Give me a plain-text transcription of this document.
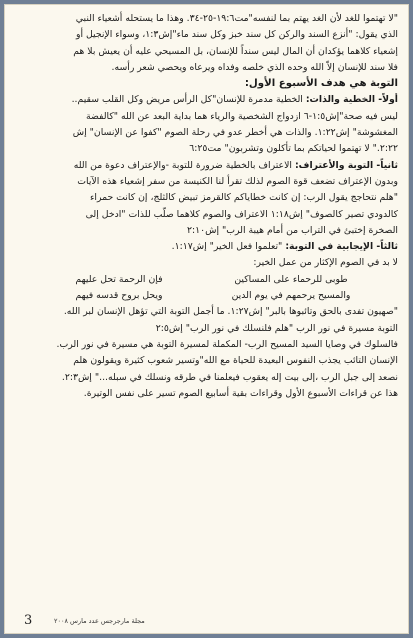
"لا تهتموا للغد لأن الغد يهتم بما لنفسه"مت١٩:٦-٢٥-٣٤. وهذا ما يستحله أشعياء النبي

الذي يقول: "أنزع السند والركن كل سند خبز وكل سند ماء"إش١:٣، وسواء الإنجيل أو

إشعياء كلاهما يؤكدان أن المال ليس سنداً للإنسان، بل المسيحي عليه أن يعيش بلا هم

فلا سند للإنسان إلاّ الله وحده الذي خلصه وفداه ويرعاه ويحصي شعر رأسه.

التوبة هي هدف الأسبوع الأول:

أولاً- الخطية والذات: الخطية مدمرة للإنسان"كل الرأس مريض وكل القلب سقيم..

ليس فيه صحة"إش١:٥-٦ ازدواج الشخصية والرياء هما بداية البعد عن الله "كالفضة

المغشوشة" إش١:٢٢. والذات هي أخطر عدو في رحلة الصوم "كفوا عن الإنسان" إش

٢:٢٢." لا تهتموا لحياتكم بما تأكلون وتشربون" مت٦:٢٥

ثانياً- التوبة والأعتراف: الاعتراف بالخطية ضرورة للتوبة -والإعتراف دعوة من الله

وبدون الإعتراف تضعف قوة الصوم لذلك تقرأ لنا الكنيسة من سفر إشعياء هذه الآيات

"هلم نتحاجج يقول الرب: إن كانت خطاياكم كالقرمز تبيض كالثلج، إن كانت حمراء

كالدودي تصير كالصوف" إش١:١٨ الاعتراف والصوم كلاهما صلّب للذات "ادخل إلى

الصخرة إختبئ في التراب من أمام هيبة الرب" إش٢:١٠

ثالثاً- الإيجابية في التوبة: "تعلموا فعل الخير" إش١:١٧.

لا بد في الصوم الإكثار من عمل الخير:

طوبى للرحماء على المساكين
فإن الرحمة تحل عليهم
والمسيح يرحمهم في يوم الدين
ويحل بروح قدسه فيهم

"صهيون تفدى بالحق وتائبوها بالبر" إش١:٢٧. ما أجمل التوبة التي تؤهل الإنسان لبر الله.

التوبة مسيرة في نور الرب "هلم فلنسلك في نور الرب" إش٢:٥

فالسلوك في وصايا السيد المسيح الرب- المكملة لمسيرة التوبة هي مسيرة في نور الرب.

الإنسان التائب يجذب النفوس البعيدة للحياة مع الله"وتسير شعوب كثيرة ويقولون هلم

نصعد إلى جبل الرب ،إلى بيت إله يعقوب فيعلمنا في طرقه ونسلك في سبله..." إش٢:٣.

هذا عن قراءات الأسبوع الأول وقراءات بقية أسابيع الصوم تسير على نفس الوتيرة.

مجلة مارجرجس عدد مارس ٢٠٠٨
3
